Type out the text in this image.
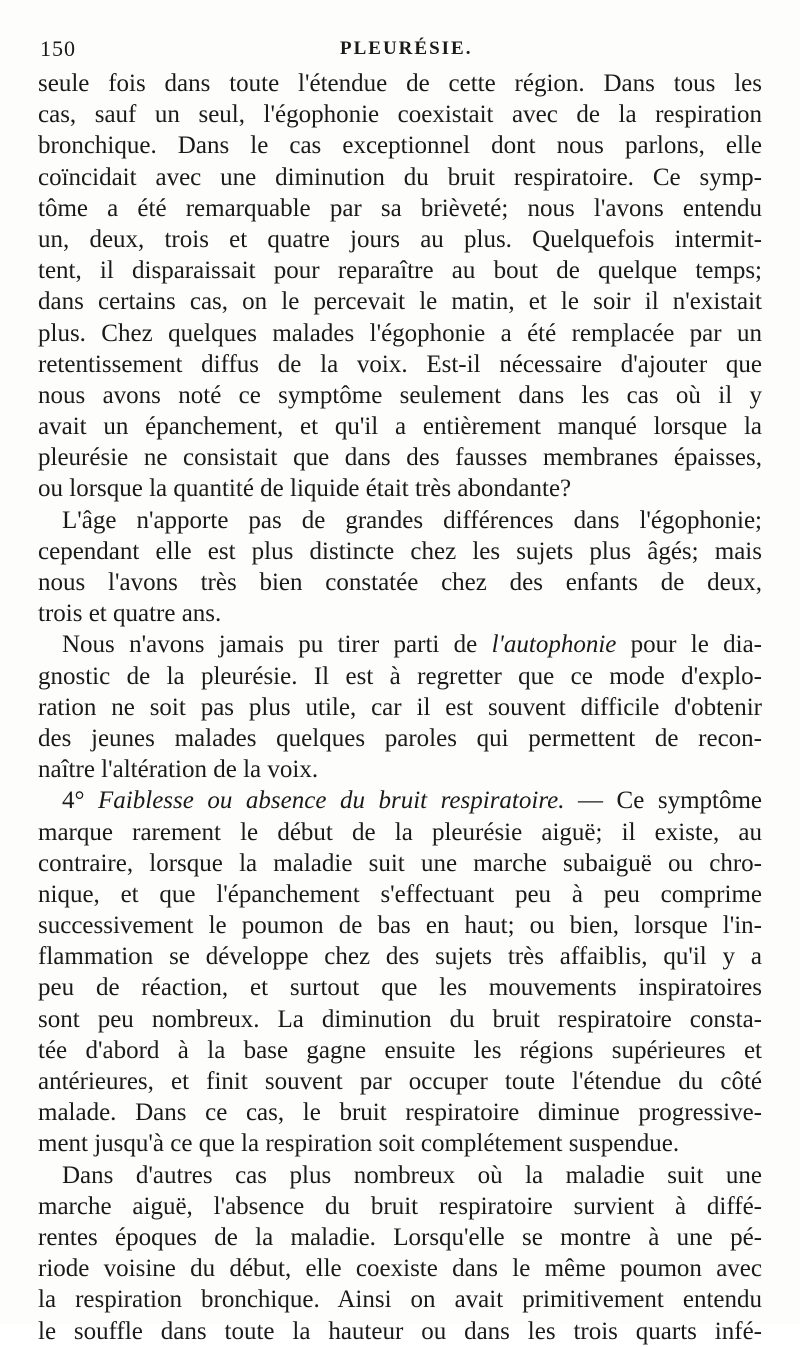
150	PLEURÉSIE.
seule fois dans toute l'étendue de cette région. Dans tous les
cas, sauf un seul, l'égophonie coexistait avec de la respiration
bronchique. Dans le cas exceptionnel dont nous parlons, elle
coïncidait avec une diminution du bruit respiratoire. Ce symp-
tôme a été remarquable par sa brièveté; nous l'avons entendu
un, deux, trois et quatre jours au plus. Quelquefois intermit-
tent, il disparaissait pour reparaître au bout de quelque temps;
dans certains cas, on le percevait le matin, et le soir il n'existait
plus. Chez quelques malades l'égophonie a été remplacée par un
retentissement diffus de la voix. Est-il nécessaire d'ajouter que
nous avons noté ce symptôme seulement dans les cas où il y
avait un épanchement, et qu'il a entièrement manqué lorsque la
pleurésie ne consistait que dans des fausses membranes épaisses,
ou lorsque la quantité de liquide était très abondante?
L'âge n'apporte pas de grandes différences dans l'égophonie;
cependant elle est plus distincte chez les sujets plus âgés; mais
nous l'avons très bien constatée chez des enfants de deux,
trois et quatre ans.
Nous n'avons jamais pu tirer parti de l'autophonie pour le dia-
gnostic de la pleurésie. Il est à regretter que ce mode d'explo-
ration ne soit pas plus utile, car il est souvent difficile d'obtenir
des jeunes malades quelques paroles qui permettent de recon-
naître l'altération de la voix.
4° Faiblesse ou absence du bruit respiratoire. — Ce symptôme
marque rarement le début de la pleurésie aiguë; il existe, au
contraire, lorsque la maladie suit une marche subaiguë ou chro-
nique, et que l'épanchement s'effectuant peu à peu comprime
successivement le poumon de bas en haut; ou bien, lorsque l'in-
flammation se développe chez des sujets très affaiblis, qu'il y a
peu de réaction, et surtout que les mouvements inspiratoires
sont peu nombreux. La diminution du bruit respiratoire consta-
tée d'abord à la base gagne ensuite les régions supérieures et
antérieures, et finit souvent par occuper toute l'étendue du côté
malade. Dans ce cas, le bruit respiratoire diminue progressive-
ment jusqu'à ce que la respiration soit complétement suspendue.
Dans d'autres cas plus nombreux où la maladie suit une
marche aiguë, l'absence du bruit respiratoire survient à diffé-
rentes époques de la maladie. Lorsqu'elle se montre à une pé-
riode voisine du début, elle coexiste dans le même poumon avec
la respiration bronchique. Ainsi on avait primitivement entendu
le souffle dans toute la hauteur ou dans les trois quarts infé-
